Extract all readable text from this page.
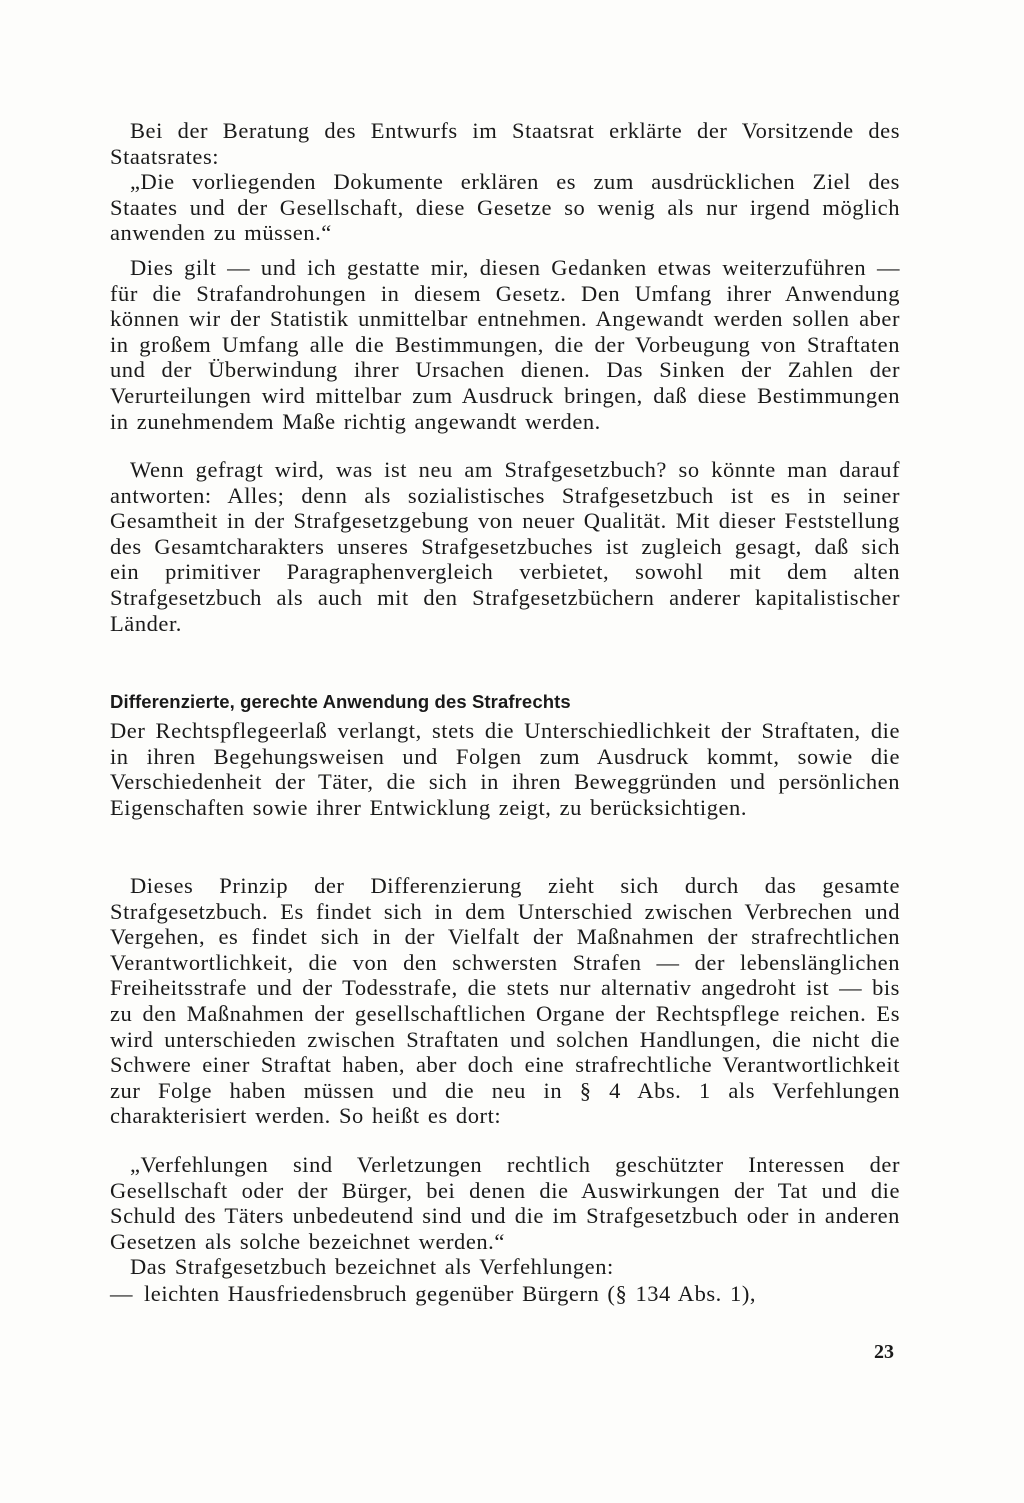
Bei der Beratung des Entwurfs im Staatsrat erklärte der Vorsitzende des Staatsrates:

„Die vorliegenden Dokumente erklären es zum ausdrücklichen Ziel des Staates und der Gesellschaft, diese Gesetze so wenig als nur irgend möglich anwenden zu müssen.“

Dies gilt — und ich gestatte mir, diesen Gedanken etwas weiterzuführen — für die Strafandrohungen in diesem Gesetz. Den Umfang ihrer Anwendung können wir der Statistik unmittelbar entnehmen. Angewandt werden sollen aber in großem Umfang alle die Bestimmungen, die der Vorbeugung von Straftaten und der Überwindung ihrer Ursachen dienen. Das Sinken der Zahlen der Verurteilungen wird mittelbar zum Ausdruck bringen, daß diese Bestimmungen in zunehmendem Maße richtig angewandt werden.

Wenn gefragt wird, was ist neu am Strafgesetzbuch? so könnte man darauf antworten: Alles; denn als sozialistisches Strafgesetzbuch ist es in seiner Gesamtheit in der Strafgesetzgebung von neuer Qualität. Mit dieser Feststellung des Gesamtcharakters unseres Strafgesetzbuches ist zugleich gesagt, daß sich ein primitiver Paragraphenvergleich verbietet, sowohl mit dem alten Strafgesetzbuch als auch mit den Strafgesetzbüchern anderer kapitalistischer Länder.

Differenzierte, gerechte Anwendung des Strafrechts

Der Rechtspflegeerlaß verlangt, stets die Unterschiedlichkeit der Straftaten, die in ihren Begehungsweisen und Folgen zum Ausdruck kommt, sowie die Verschiedenheit der Täter, die sich in ihren Beweggründen und persönlichen Eigenschaften sowie ihrer Entwicklung zeigt, zu berücksichtigen.

Dieses Prinzip der Differenzierung zieht sich durch das gesamte Strafgesetzbuch. Es findet sich in dem Unterschied zwischen Verbrechen und Vergehen, es findet sich in der Vielfalt der Maßnahmen der strafrechtlichen Verantwortlichkeit, die von den schwersten Strafen — der lebenslänglichen Freiheitsstrafe und der Todesstrafe, die stets nur alternativ angedroht ist — bis zu den Maßnahmen der gesellschaftlichen Organe der Rechtspflege reichen. Es wird unterschieden zwischen Straftaten und solchen Handlungen, die nicht die Schwere einer Straftat haben, aber doch eine strafrechtliche Verantwortlichkeit zur Folge haben müssen und die neu in § 4 Abs. 1 als Verfehlungen charakterisiert werden. So heißt es dort:

„Verfehlungen sind Verletzungen rechtlich geschützter Interessen der Gesellschaft oder der Bürger, bei denen die Auswirkungen der Tat und die Schuld des Täters unbedeutend sind und die im Strafgesetzbuch oder in anderen Gesetzen als solche bezeichnet werden.“

Das Strafgesetzbuch bezeichnet als Verfehlungen:

— leichten Hausfriedensbruch gegenüber Bürgern (§ 134 Abs. 1),

23
